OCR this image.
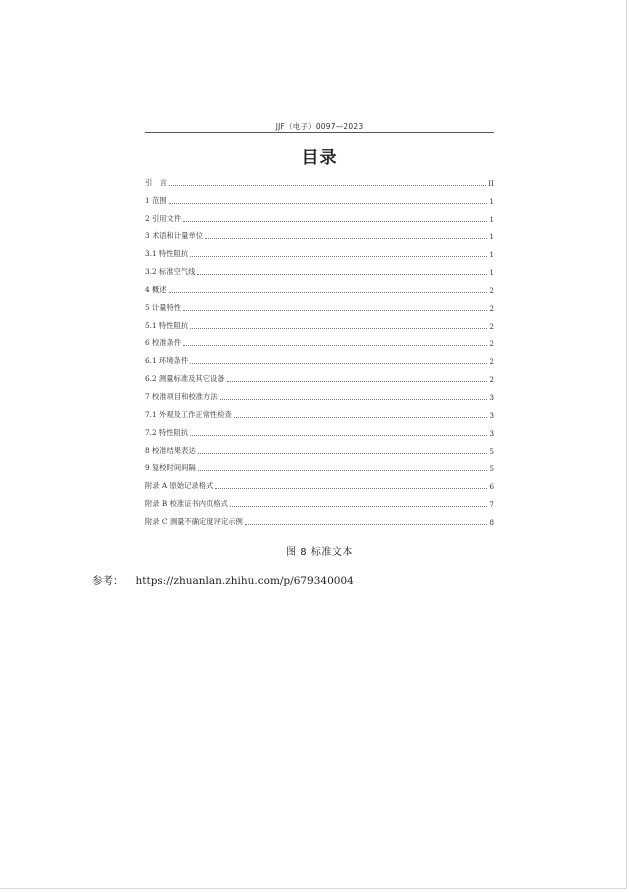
JJF（电子）0097—2023
目录
引　言	II
1 范围	1
2 引用文件	1
3 术语和计量单位	1
3.1 特性阻抗	1
3.2 标准空气线	1
4 概述	2
5 计量特性	2
5.1 特性阻抗	2
6 校准条件	2
6.1 环境条件	2
6.2 测量标准及其它设备	2
7 校准项目和校准方法	3
7.1 外观及工作正常性检查	3
7.2 特性阻抗	3
8 校准结果表达	5
9 复校时间间隔	5
附录 A 原始记录格式	6
附录 B 校准证书内页格式	7
附录 C 测量不确定度评定示例	8
图 8 标准文本
参考： https://zhuanlan.zhihu.com/p/679340004
